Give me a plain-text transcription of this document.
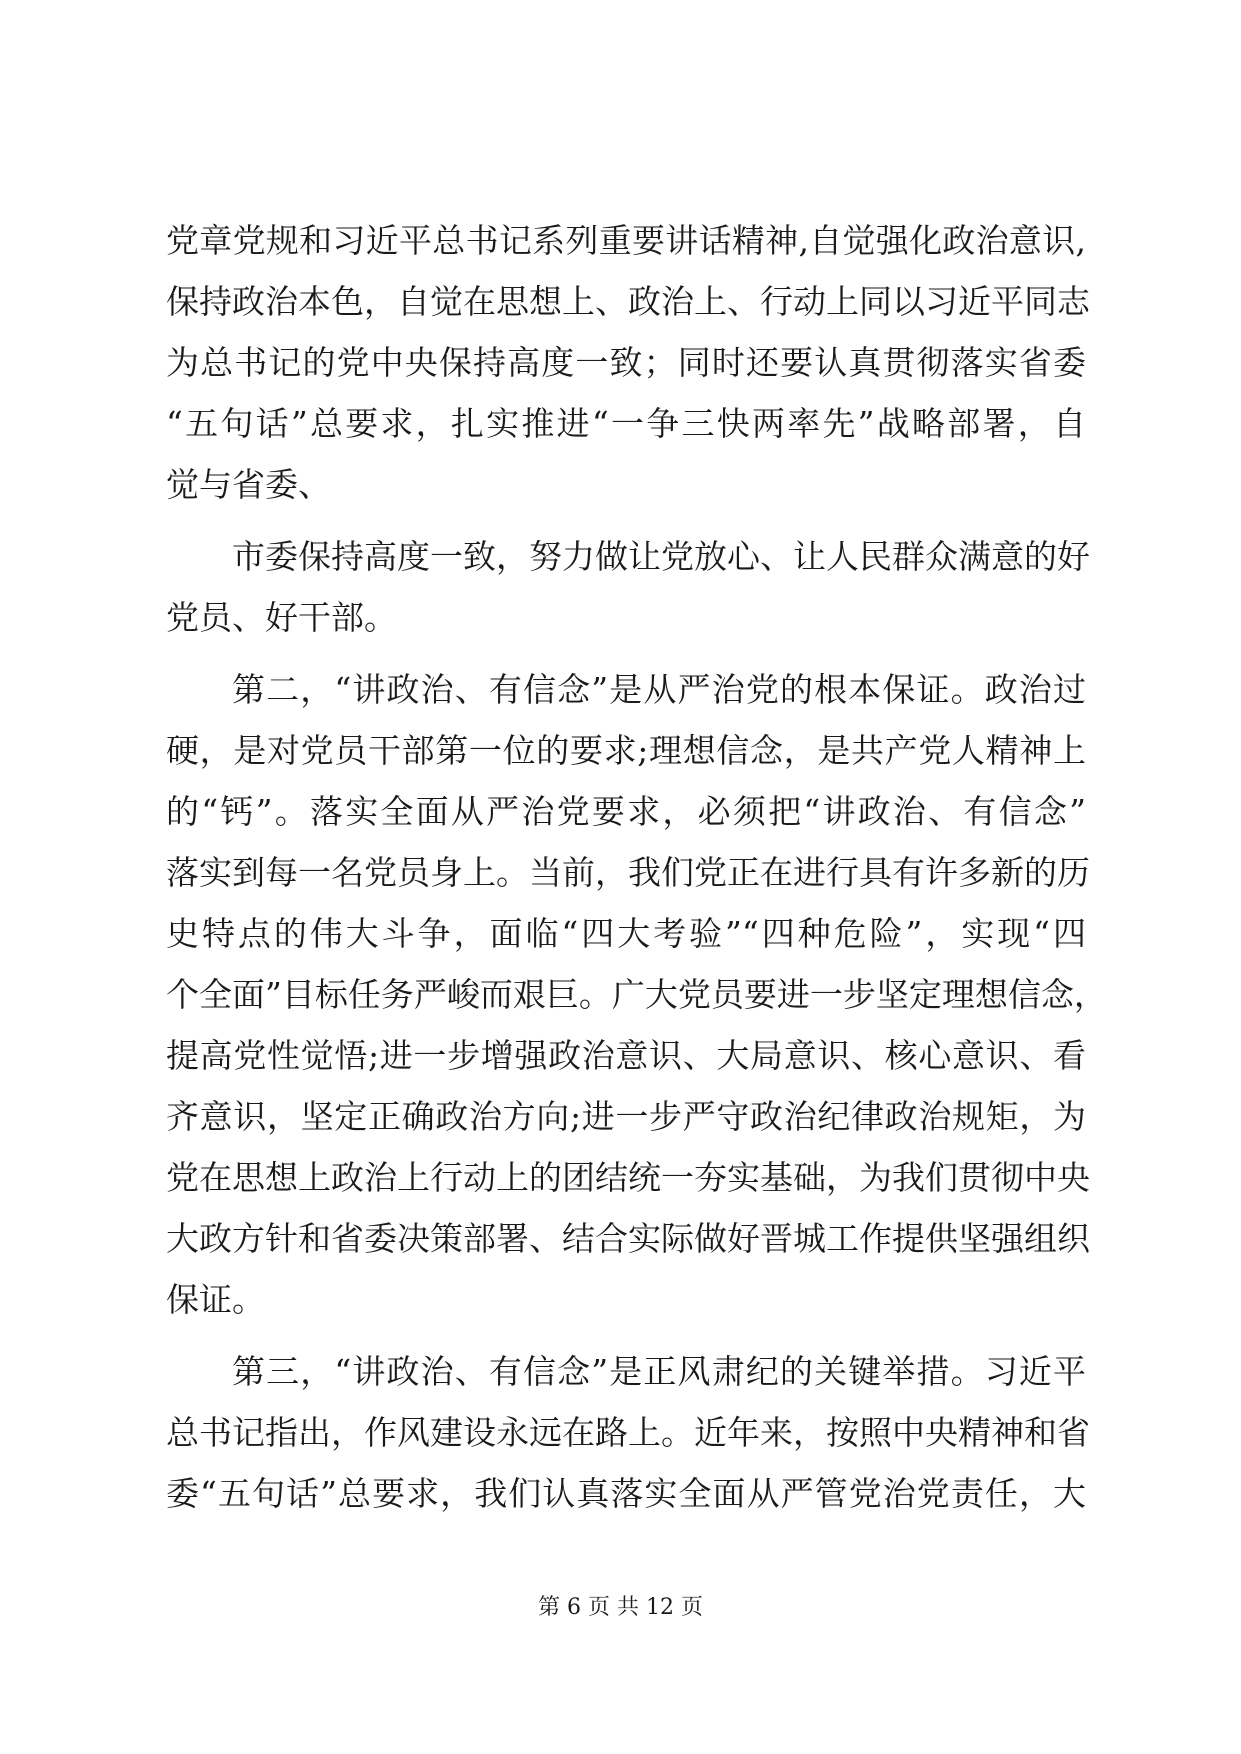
党章党规和习近平总书记系列重要讲话精神,自觉强化政治意识,
保持政治本色，自觉在思想上、政治上、行动上同以习近平同志
为总书记的党中央保持高度一致；同时还要认真贯彻落实省委
“五句话”总要求，扎实推进“一争三快两率先”战略部署，自
觉与省委、
市委保持高度一致，努力做让党放心、让人民群众满意的好
党员、好干部。
第二，“讲政治、有信念”是从严治党的根本保证。政治过
硬，是对党员干部第一位的要求;理想信念，是共产党人精神上
的“钙”。落实全面从严治党要求，必须把“讲政治、有信念”
落实到每一名党员身上。当前，我们党正在进行具有许多新的历
史特点的伟大斗争，面临“四大考验”“四种危险”，实现“四
个全面”目标任务严峻而艰巨。广大党员要进一步坚定理想信念，
提高党性觉悟;进一步增强政治意识、大局意识、核心意识、看
齐意识，坚定正确政治方向;进一步严守政治纪律政治规矩，为
党在思想上政治上行动上的团结统一夯实基础，为我们贯彻中央
大政方针和省委决策部署、结合实际做好晋城工作提供坚强组织
保证。
第三，“讲政治、有信念”是正风肃纪的关键举措。习近平
总书记指出，作风建设永远在路上。近年来，按照中央精神和省
委“五句话”总要求，我们认真落实全面从严管党治党责任，大
第 6 页 共 12 页
